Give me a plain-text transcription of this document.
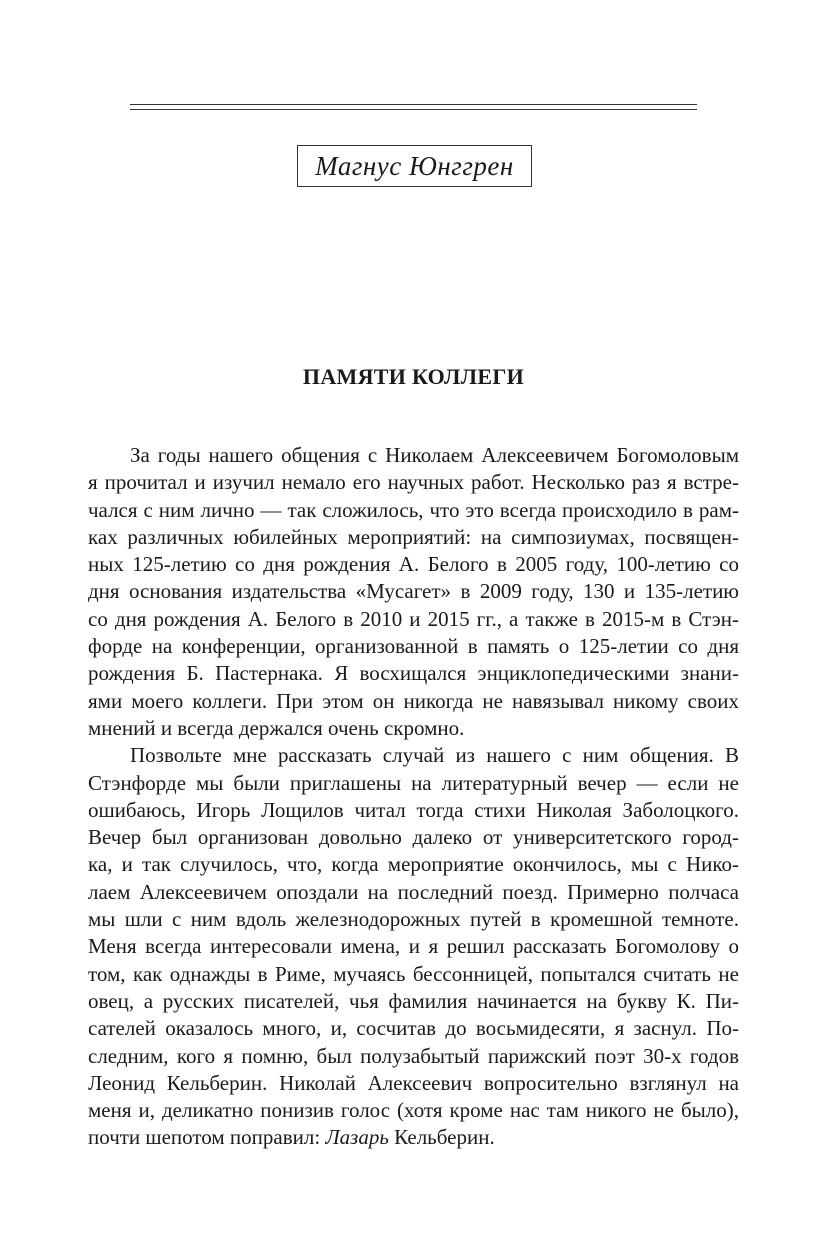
Магнус Юнггрен
ПАМЯТИ КОЛЛЕГИ
За годы нашего общения с Николаем Алексеевичем Богомоловым
я прочитал и изучил немало его научных работ. Несколько раз я встре-
чался с ним лично — так сложилось, что это всегда происходило в рам-
ках различных юбилейных мероприятий: на симпозиумах, посвящен-
ных 125-летию со дня рождения А. Белого в 2005 году, 100-летию со
дня основания издательства «Мусагет» в 2009 году, 130 и 135-летию
со дня рождения А. Белого в 2010 и 2015 гг., а также в 2015-м в Стэн-
форде на конференции, организованной в память о 125-летии со дня
рождения Б. Пастернака. Я восхищался энциклопедическими знани-
ями моего коллеги. При этом он никогда не навязывал никому своих
мнений и всегда держался очень скромно.
Позвольте мне рассказать случай из нашего с ним общения. В
Стэнфорде мы были приглашены на литературный вечер — если не
ошибаюсь, Игорь Лощилов читал тогда стихи Николая Заболоцкого.
Вечер был организован довольно далеко от университетского город-
ка, и так случилось, что, когда мероприятие окончилось, мы с Нико-
лаем Алексеевичем опоздали на последний поезд. Примерно полчаса
мы шли с ним вдоль железнодорожных путей в кромешной темноте.
Меня всегда интересовали имена, и я решил рассказать Богомолову о
том, как однажды в Риме, мучаясь бессонницей, попытался считать не
овец, а русских писателей, чья фамилия начинается на букву К. Пи-
сателей оказалось много, и, сосчитав до восьмидесяти, я заснул. По-
следним, кого я помню, был полузабытый парижский поэт 30-х годов
Леонид Кельберин. Николай Алексеевич вопросительно взглянул на
меня и, деликатно понизив голос (хотя кроме нас там никого не было),
почти шепотом поправил: Лазарь Кельберин.
